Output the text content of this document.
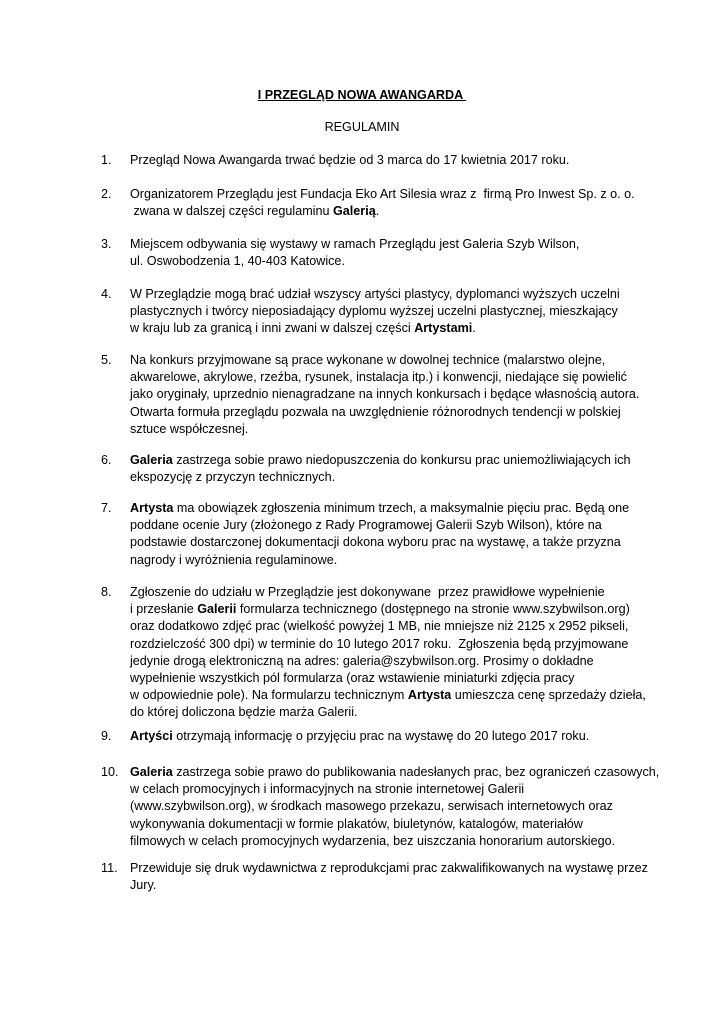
I PRZEGLĄD NOWA AWANGARDA
REGULAMIN
1. Przegląd Nowa Awangarda trwać będzie od 3 marca do 17 kwietnia 2017 roku.
2. Organizatorem Przeglądu jest Fundacja Eko Art Silesia wraz z  firmą Pro Inwest Sp. z o. o.
zwana w dalszej części regulaminu Galerią.
3. Miejscem odbywania się wystawy w ramach Przeglądu jest Galeria Szyb Wilson,
ul. Oswobodzenia 1, 40-403 Katowice.
4. W Przeglądzie mogą brać udział wszyscy artyści plastycy, dyplomanci wyższych uczelni
plastycznych i twórcy nieposiadający dyplomu wyższej uczelni plastycznej, mieszkający
w kraju lub za granicą i inni zwani w dalszej części Artystami.
5. Na konkurs przyjmowane są prace wykonane w dowolnej technice (malarstwo olejne,
akwarelowe, akrylowe, rzeźba, rysunek, instalacja itp.) i konwencji, niedające się powielić
jako oryginały, uprzednio nienagradzane na innych konkursach i będące własnością autora.
Otwarta formuła przeglądu pozwala na uwzględnienie różnorodnych tendencji w polskiej
sztuce współczesnej.
6. Galeria zastrzega sobie prawo niedopuszczenia do konkursu prac uniemożliwiających ich
ekspozycję z przyczyn technicznych.
7. Artysta ma obowiązek zgłoszenia minimum trzech, a maksymalnie pięciu prac. Będą one
poddane ocenie Jury (złożonego z Rady Programowej Galerii Szyb Wilson), które na
podstawie dostarczonej dokumentacji dokona wyboru prac na wystawę, a także przyzna
nagrody i wyróżnienia regulaminowe.
8. Zgłoszenie do udziału w Przeglądzie jest dokonywane  przez prawidłowe wypełnienie
i przesłanie Galerii formularza technicznego (dostępnego na stronie www.szybwilson.org)
oraz dodatkowo zdjęć prac (wielkość powyżej 1 MB, nie mniejsze niż 2125 x 2952 pikseli,
rozdzielczość 300 dpi) w terminie do 10 lutego 2017 roku.  Zgłoszenia będą przyjmowane
jedynie drogą elektroniczną na adres: galeria@szybwilson.org. Prosimy o dokładne
wypełnienie wszystkich pól formularza (oraz wstawienie miniaturki zdjęcia pracy
w odpowiednie pole). Na formularzu technicznym Artysta umieszcza cenę sprzedaży dzieła,
do której doliczona będzie marża Galerii.
9. Artyści otrzymają informację o przyjęciu prac na wystawę do 20 lutego 2017 roku.
10. Galeria zastrzega sobie prawo do publikowania nadesłanych prac, bez ograniczeń czasowych,
w celach promocyjnych i informacyjnych na stronie internetowej Galerii
(www.szybwilson.org), w środkach masowego przekazu, serwisach internetowych oraz
wykonywania dokumentacji w formie plakatów, biuletynów, katalogów, materiałów
filmowych w celach promocyjnych wydarzenia, bez uiszczania honorarium autorskiego.
11. Przewiduje się druk wydawnictwa z reprodukcjami prac zakwalifikowanych na wystawę przez
Jury.
